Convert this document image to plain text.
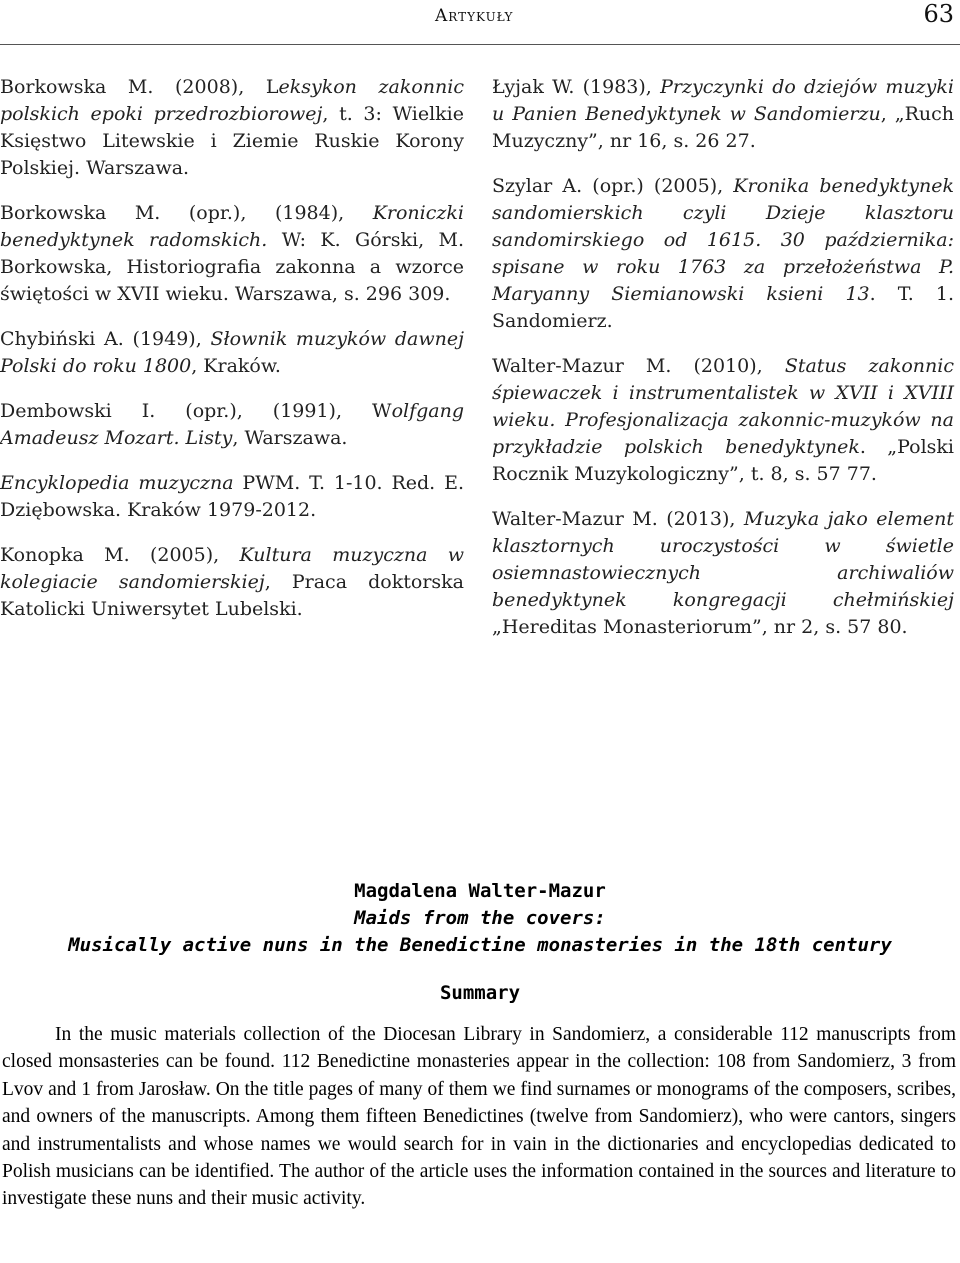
Artykuły	63

Borkowska M. (2008), Leksykon zakonnic polskich epoki przedrozbiorowej, t. 3: Wielkie Księstwo Litewskie i Ziemie Ruskie Korony Polskiej. Warszawa.

Borkowska M. (opr.), (1984), Kroniczki benedyktynek radomskich. W: K. Górski, M. Borkowska, Historiografia zakonna a wzorce świętości w XVII wieku. Warszawa, s. 296 309.

Chybiński A. (1949), Słownik muzyków dawnej Polski do roku 1800, Kraków.

Dembowski I. (opr.), (1991), Wolfgang Amadeusz Mozart. Listy, Warszawa.

Encyklopedia muzyczna PWM. T. 1-10. Red. E. Dziębowska. Kraków 1979-2012.

Konopka M. (2005), Kultura muzyczna w kolegiacie sandomierskiej, Praca doktorska Katolicki Uniwersytet Lubelski.

Łyjak W. (1983), Przyczynki do dziejów muzyki u Panien Benedyktynek w Sandomierzu, „Ruch Muzyczny”, nr 16, s. 26 27.

Szylar A. (opr.) (2005), Kronika benedyktynek sandomierskich czyli Dzieje klasztoru sandomirskiego od 1615. 30 października: spisane w roku 1763 za przełożeństwa P. Maryanny Siemianowski ksieni 13. T. 1. Sandomierz.

Walter-Mazur M. (2010), Status zakonnic śpiewaczek i instrumentalistek w XVII i XVIII wieku. Profesjonalizacja zakonnic-muzyków na przykładzie polskich benedyktynek. „Polski Rocznik Muzykologiczny”, t. 8, s. 57 77.

Walter-Mazur M. (2013), Muzyka jako element klasztornych uroczystości w świetle osiemnastowiecznych archiwaliów benedyktynek kongregacji chełmińskiej „Hereditas Monasteriorum”, nr 2, s. 57 80.

Magdalena Walter-Mazur
Maids from the covers:
Musically active nuns in the Benedictine monasteries in the 18th century
Summary
In the music materials collection of the Diocesan Library in Sandomierz, a considerable 112 manuscripts from closed monsasteries can be found. 112 Benedictine monasteries appear in the collection: 108 from Sandomierz, 3 from Lvov and 1 from Jarosław. On the title pages of many of them we find surnames or monograms of the composers, scribes, and owners of the manuscripts. Among them fifteen Benedictines (twelve from Sandomierz), who were cantors, singers and instrumentalists and whose names we would search for in vain in the dictionaries and encyclopedias dedicated to Polish musicians can be identified. The author of the article uses the information contained in the sources and literature to investigate these nuns and their music activity.
